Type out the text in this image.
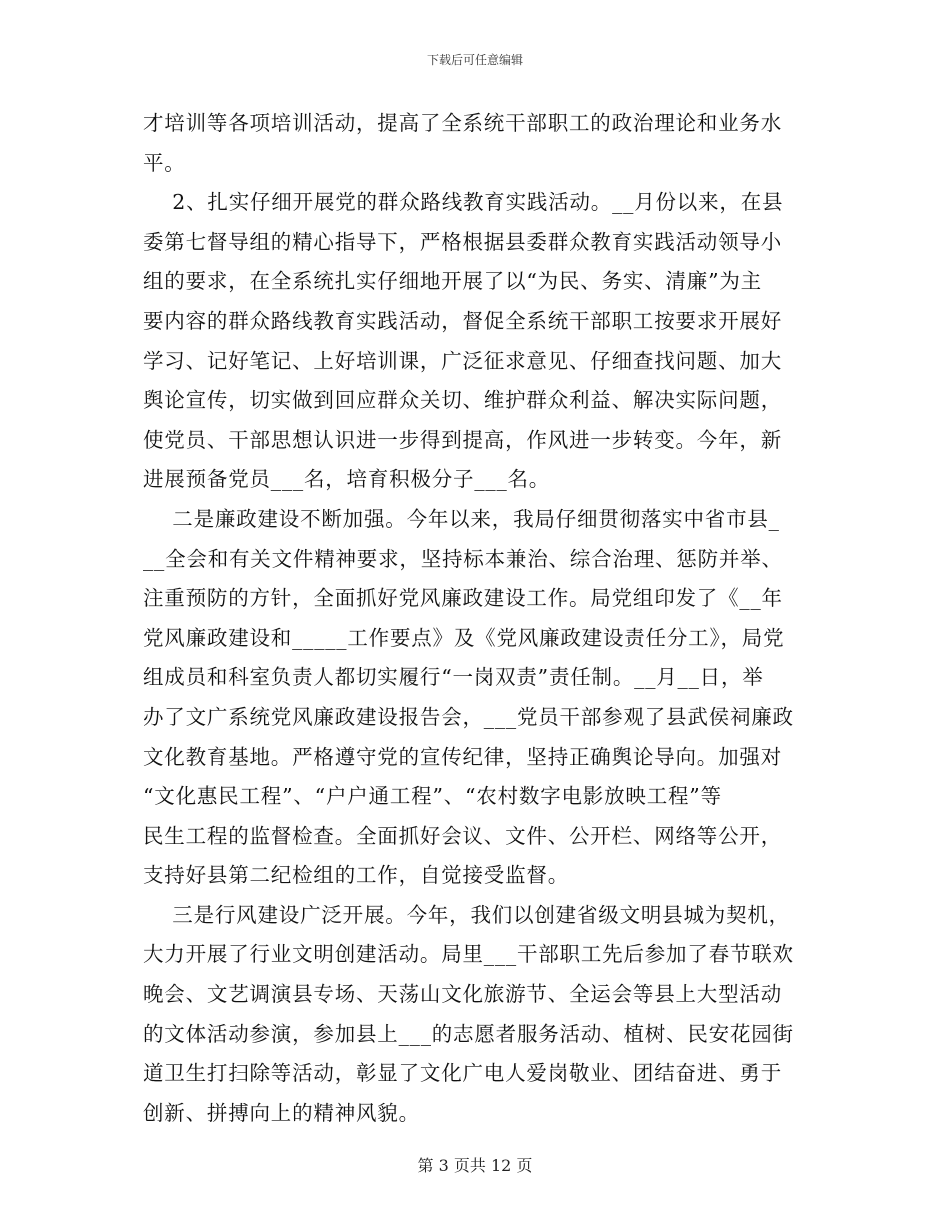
下载后可任意编辑
才培训等各项培训活动，提高了全系统干部职工的政治理论和业务水
平。
2、扎实仔细开展党的群众路线教育实践活动。__月份以来，在县
委第七督导组的精心指导下，严格根据县委群众教育实践活动领导小
组的要求，在全系统扎实仔细地开展了以“为民、务实、清廉”为主
要内容的群众路线教育实践活动，督促全系统干部职工按要求开展好
学习、记好笔记、上好培训课，广泛征求意见、仔细查找问题、加大
舆论宣传，切实做到回应群众关切、维护群众利益、解决实际问题，
使党员、干部思想认识进一步得到提高，作风进一步转变。今年，新
进展预备党员___名，培育积极分子___名。
二是廉政建设不断加强。今年以来，我局仔细贯彻落实中省市县_
__全会和有关文件精神要求，坚持标本兼治、综合治理、惩防并举、
注重预防的方针，全面抓好党风廉政建设工作。局党组印发了《__年
党风廉政建设和_____工作要点》及《党风廉政建设责任分工》，局党
组成员和科室负责人都切实履行“一岗双责”责任制。__月__日，举
办了文广系统党风廉政建设报告会，___党员干部参观了县武侯祠廉政
文化教育基地。严格遵守党的宣传纪律，坚持正确舆论导向。加强对
“文化惠民工程”、“户户通工程”、“农村数字电影放映工程”等
民生工程的监督检查。全面抓好会议、文件、公开栏、网络等公开，
支持好县第二纪检组的工作，自觉接受监督。
三是行风建设广泛开展。今年，我们以创建省级文明县城为契机，
大力开展了行业文明创建活动。局里___干部职工先后参加了春节联欢
晚会、文艺调演县专场、天荡山文化旅游节、全运会等县上大型活动
的文体活动参演，参加县上___的志愿者服务活动、植树、民安花园街
道卫生打扫除等活动，彰显了文化广电人爱岗敬业、团结奋进、勇于
创新、拼搏向上的精神风貌。
第 3 页共 12 页
